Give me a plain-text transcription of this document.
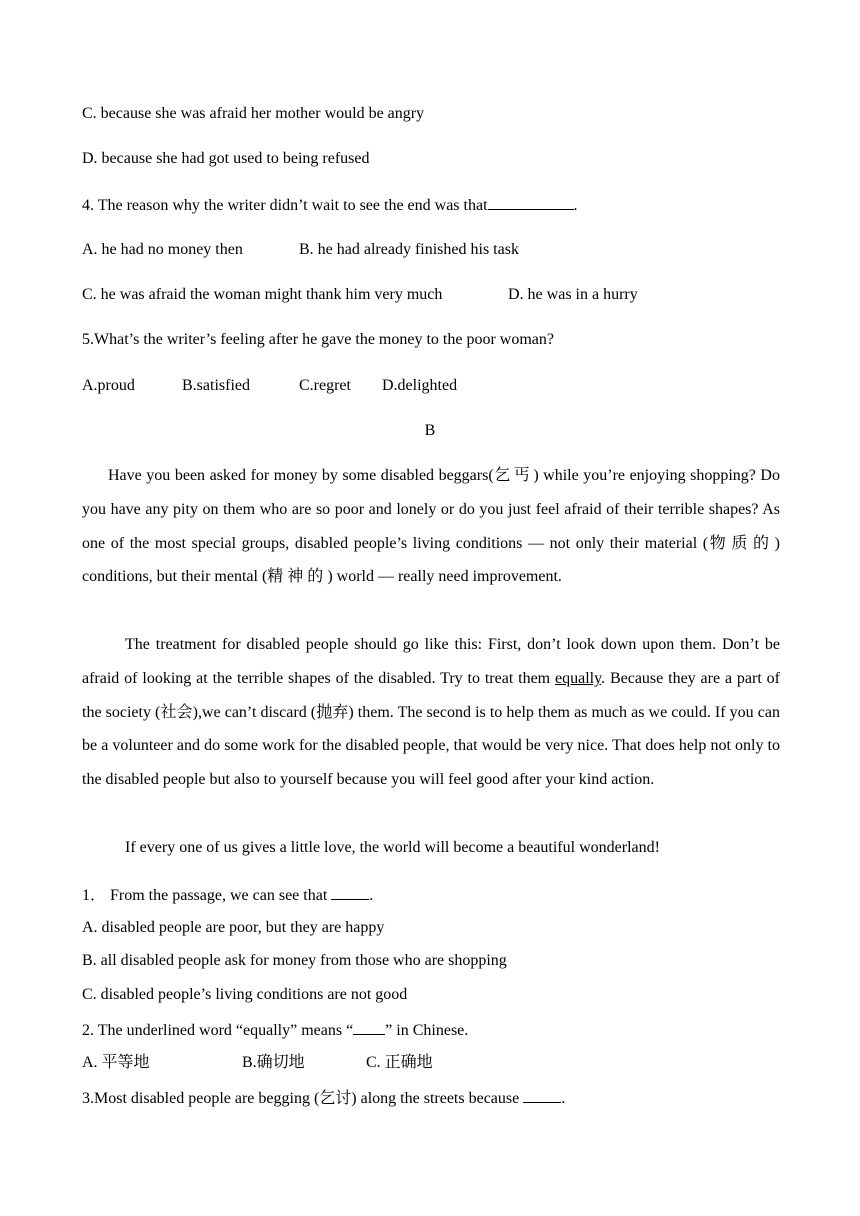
C. because she was afraid her mother would be angry
D. because she had got used to being refused
4. The reason why the writer didn’t wait to see the end was that	.
A. he had no money then	B. he had already finished his task
C. he was afraid the woman might thank him very much	D. he was in a hurry
5.What’s the writer’s feeling after he gave the money to the poor woman?
A.proud	B.satisfied	C.regret D.delighted
B
Have you been asked for money by some disabled beggars(乞丐) while you’re enjoying shopping? Do you have any pity on them who are so poor and lonely or do you just feel afraid of their terrible shapes? As one of the most special groups, disabled people’s living conditions — not only their material (物质的) conditions, but their mental (精神的) world — really need improvement.
The treatment for disabled people should go like this: First, don’t look down upon them. Don’t be afraid of looking at the terrible shapes of the disabled. Try to treat them equally. Because they are a part of the society (社会),we can’t discard (抛弃) them. The second is to help them as much as we could. If you can be a volunteer and do some work for the disabled people, that would be very nice. That does help not only to the disabled people but also to yourself because you will feel good after your kind action.
If every one of us gives a little love, the world will become a beautiful wonderland!
1． From the passage, we can see that .
A. disabled people are poor, but they are happy
B. all disabled people ask for money from those who are shopping
C. disabled people’s living conditions are not good
2. The underlined word “equally” means “ ” in Chinese.
A. 平等地	B.确切地	C. 正确地
3.Most disabled people are begging (乞讨) along the streets because .
